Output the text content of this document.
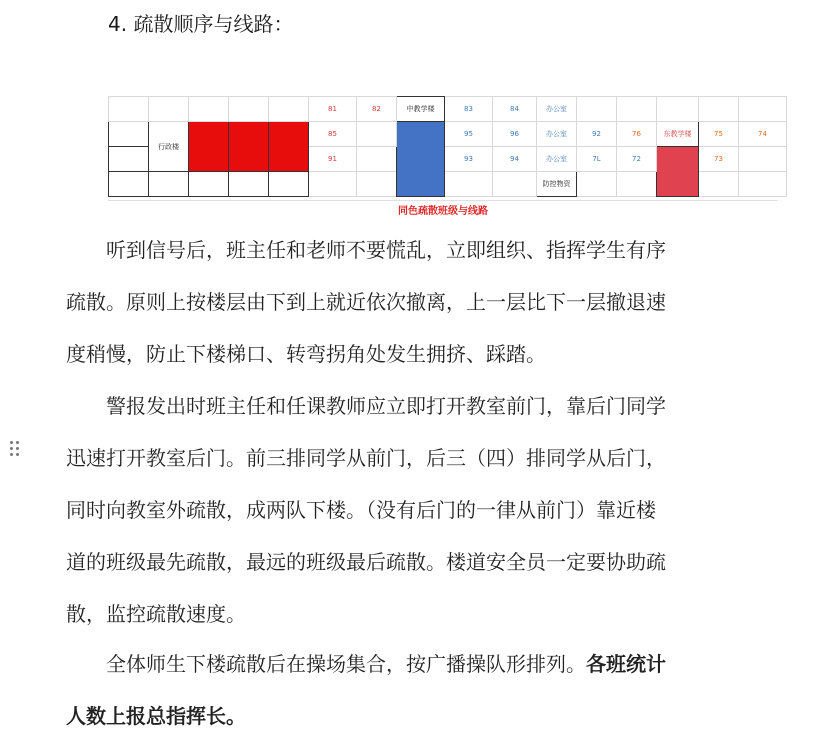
4. 疏散顺序与线路：
					81	82	中教学楼	83	84	办公室					
	行政楼				85			95	96	办公室	92	76	东教学楼	75	74
					91			93	94	办公室	7L	72		73	
										防控物资					
同色疏散班级与线路
听到信号后，班主任和老师不要慌乱，立即组织、指挥学生有序
疏散。原则上按楼层由下到上就近依次撤离，上一层比下一层撤退速
度稍慢，防止下楼梯口、转弯拐角处发生拥挤、踩踏。
警报发出时班主任和任课教师应立即打开教室前门，靠后门同学
迅速打开教室后门。前三排同学从前门，后三（四）排同学从后门，
同时向教室外疏散，成两队下楼。（没有后门的一律从前门）靠近楼
道的班级最先疏散，最远的班级最后疏散。楼道安全员一定要协助疏
散，监控疏散速度。
全体师生下楼疏散后在操场集合，按广播操队形排列。各班统计
人数上报总指挥长。
